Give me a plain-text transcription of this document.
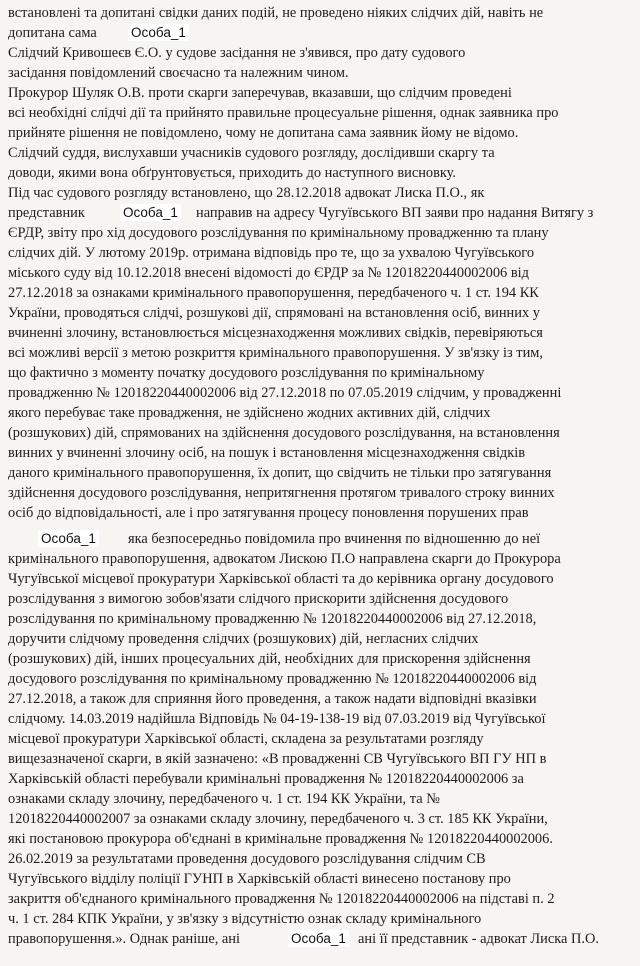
встановлені та допитані свідки даних подій, не проведено ніяких слідчих дій, навіть не
допитана сама	Особа_1
Слідчий Кривошеєв Є.О. у судове засідання не з'явився, про дату судового
засідання повідомлений своєчасно та належним чином.
Прокурор Шуляк О.В. проти скарги заперечував, вказавши, що слідчим проведені
всі необхідні слідчі дії та прийнято правильне процесуальне рішення, однак заявника про
прийняте рішення не повідомлено, чому не допитана сама заявник йому не відомо.
Слідчий суддя, вислухавши учасників судового розгляду, дослідивши скаргу та
доводи, якими вона обґрунтовується, приходить до наступного висновку.
Під час судового розгляду встановлено, що 28.12.2018 адвокат Лиска П.О., як
представник	Особа_1 направив на адресу Чугуївського ВП заяви про надання Витягу з
ЄРДР, звіту про хід досудового розслідування по кримінальному провадженню та плану
слідчих дій. У лютому 2019р. отримана відповідь про те, що за ухвалою Чугуївського
міського суду від 10.12.2018 внесені відомості до ЄРДР за № 12018220440002006 від
27.12.2018 за ознаками кримінального правопорушення, передбаченого ч. 1 ст. 194 КК
України, проводяться слідчі, розшукові дії, спрямовані на встановлення осіб, винних у
вчиненні злочину, встановлюється місцезнаходження можливих свідків, перевіряються
всі можливі версії з метою розкриття кримінального правопорушення. У зв'язку із тим,
що фактично з моменту початку досудового розслідування по кримінальному
провадженню № 12018220440002006 від 27.12.2018 по 07.05.2019 слідчим, у провадженні
якого перебуває таке провадження, не здійснено жодних активних дій, слідчих
(розшукових) дій, спрямованих на здійснення досудового розслідування, на встановлення
винних у вчиненні злочину осіб, на пошук і встановлення місцезнаходження свідків
даного кримінального правопорушення, їх допит, що свідчить не тільки про затягування
здійснення досудового розслідування, непритягнення протягом тривалого строку винних
осіб до відповідальності, але і про затягування процесу поновлення порушених прав
Особа_1 яка безпосередньо повідомила про вчинення по відношенню до неї
кримінального правопорушення, адвокатом Лискою П.О направлена скарги до Прокурора
Чугуївської місцевої прокуратури Харківської області та до керівника органу досудового
розслідування з вимогою зобов'язати слідчого прискорити здійснення досудового
розслідування по кримінальному провадженню № 12018220440002006 від 27.12.2018,
доручити слідчому проведення слідчих (розшукових) дій, негласних слідчих
(розшукових) дій, інших процесуальних дій, необхідних для прискорення здійснення
досудового розслідування по кримінальному провадженню № 12018220440002006 від
27.12.2018, а також для сприяння його проведення, а також надати відповідні вказівки
слідчому. 14.03.2019 надійшла Відповідь № 04-19-138-19 від 07.03.2019 від Чугуївської
місцевої прокуратури Харківської області, складена за результатами розгляду
вищезазначеної скарги, в якій зазначено: «В провадженні СВ Чугуївського ВП ГУ НП в
Харківській області перебували кримінальні провадження № 12018220440002006 за
ознаками складу злочину, передбаченого ч. 1 ст. 194 КК України, та №
12018220440002007 за ознаками складу злочину, передбаченого ч. 3 ст. 185 КК України,
які постановою прокурора об'єднані в кримінальне провадження № 12018220440002006.
26.02.2019 за результатами проведення досудового розслідування слідчим СВ
Чугуївського відділу поліції ГУНП в Харківській області винесено постанову про
закриття об'єднаного кримінального провадження № 12018220440002006 на підставі п. 2
ч. 1 ст. 284 КПК України, у зв'язку з відсутністю ознак складу кримінального
правопорушення.». Однак раніше, ані	Особа_1 ані її представник - адвокат Лиска П.О.
